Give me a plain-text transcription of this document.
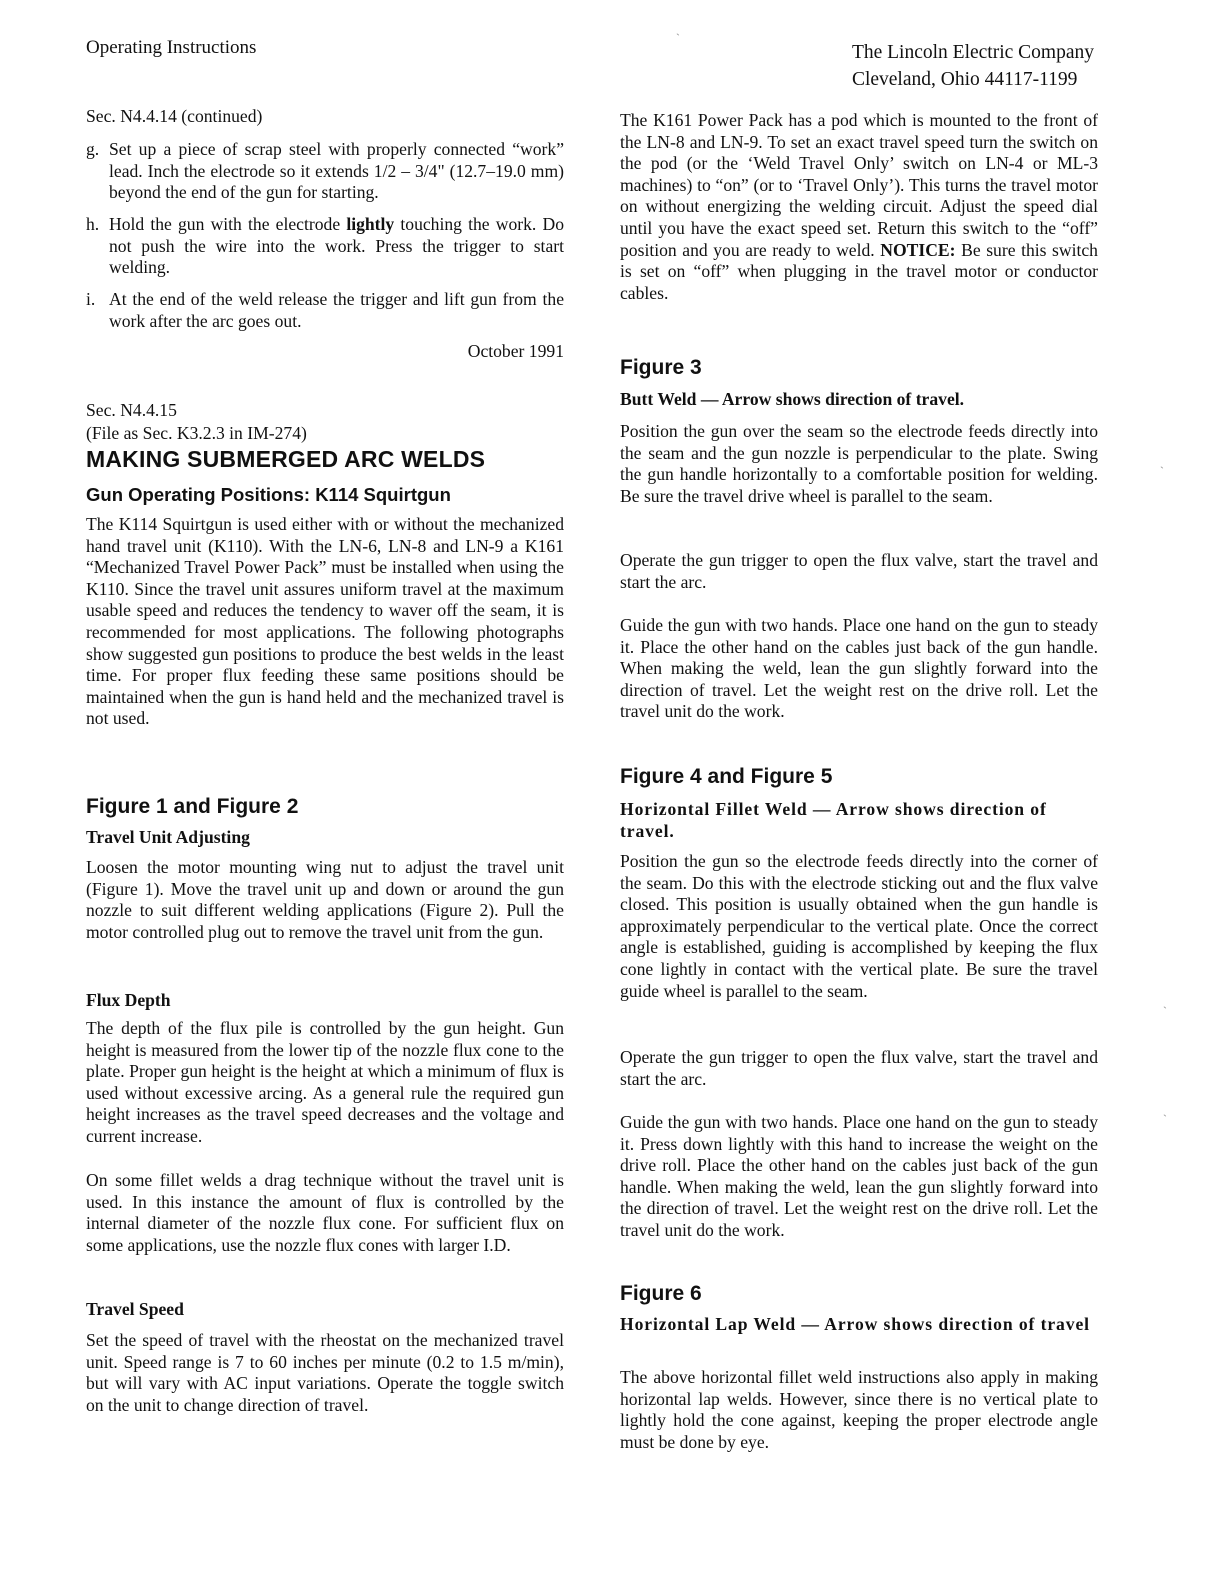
Operating Instructions	The Lincoln Electric Company
Cleveland, Ohio 44117-1199
Sec. N4.4.14 (continued)
g. Set up a piece of scrap steel with properly connected “work” lead. Inch the electrode so it extends 1/2 – 3/4" (12.7–19.0 mm) beyond the end of the gun for starting.
h. Hold the gun with the electrode lightly touching the work. Do not push the wire into the work. Press the trigger to start welding.
i. At the end of the weld release the trigger and lift gun from the work after the arc goes out.
October 1991
Sec. N4.4.15
(File as Sec. K3.2.3 in IM-274)
MAKING SUBMERGED ARC WELDS
Gun Operating Positions: K114 Squirtgun

The K114 Squirtgun is used either with or without the mechanized hand travel unit (K110). With the LN-6, LN-8 and LN-9 a K161 “Mechanized Travel Power Pack” must be installed when using the K110. Since the travel unit assures uniform travel at the maximum usable speed and reduces the tendency to waver off the seam, it is recommended for most applications. The following photographs show suggested gun positions to produce the best welds in the least time. For proper flux feeding these same positions should be maintained when the gun is hand held and the mechanized travel is not used.

Figure 1 and Figure 2
Travel Unit Adjusting

Loosen the motor mounting wing nut to adjust the travel unit (Figure 1). Move the travel unit up and down or around the gun nozzle to suit different welding applications (Figure 2). Pull the motor controlled plug out to remove the travel unit from the gun.

Flux Depth

The depth of the flux pile is controlled by the gun height. Gun height is measured from the lower tip of the nozzle flux cone to the plate. Proper gun height is the height at which a minimum of flux is used without excessive arcing. As a general rule the required gun height increases as the travel speed decreases and the voltage and current increase.

On some fillet welds a drag technique without the travel unit is used. In this instance the amount of flux is controlled by the internal diameter of the nozzle flux cone. For sufficient flux on some applications, use the nozzle flux cones with larger I.D.

Travel Speed

Set the speed of travel with the rheostat on the mechanized travel unit. Speed range is 7 to 60 inches per minute (0.2 to 1.5 m/min), but will vary with AC input variations. Operate the toggle switch on the unit to change direction of travel.

The K161 Power Pack has a pod which is mounted to the front of the LN-8 and LN-9. To set an exact travel speed turn the switch on the pod (or the ‘Weld Travel Only’ switch on LN-4 or ML-3 machines) to “on” (or to ‘Travel Only’). This turns the travel motor on without energizing the welding circuit. Adjust the speed dial until you have the exact speed set. Return this switch to the “off” position and you are ready to weld. NOTICE: Be sure this switch is set on “off” when plugging in the travel motor or conductor cables.

Figure 3
Butt Weld — Arrow shows direction of travel.

Position the gun over the seam so the electrode feeds directly into the seam and the gun nozzle is perpendicular to the plate. Swing the gun handle horizontally to a comfortable position for welding. Be sure the travel drive wheel is parallel to the seam.

Operate the gun trigger to open the flux valve, start the travel and start the arc.

Guide the gun with two hands. Place one hand on the gun to steady it. Place the other hand on the cables just back of the gun handle. When making the weld, lean the gun slightly forward into the direction of travel. Let the weight rest on the drive roll. Let the travel unit do the work.

Figure 4 and Figure 5
Horizontal Fillet Weld — Arrow shows direction of travel.

Position the gun so the electrode feeds directly into the corner of the seam. Do this with the electrode sticking out and the flux valve closed. This position is usually obtained when the gun handle is approximately perpendicular to the vertical plate. Once the correct angle is established, guiding is accomplished by keeping the flux cone lightly in contact with the vertical plate. Be sure the travel guide wheel is parallel to the seam.

Operate the gun trigger to open the flux valve, start the travel and start the arc.

Guide the gun with two hands. Place one hand on the gun to steady it. Press down lightly with this hand to increase the weight on the drive roll. Place the other hand on the cables just back of the gun handle. When making the weld, lean the gun slightly forward into the direction of travel. Let the weight rest on the drive roll. Let the travel unit do the work.

Figure 6
Horizontal Lap Weld — Arrow shows direction of travel

The above horizontal fillet weld instructions also apply in making horizontal lap welds. However, since there is no vertical plate to lightly hold the cone against, keeping the proper electrode angle must be done by eye.

ˏ
ˏ
ˏ
ˏ
